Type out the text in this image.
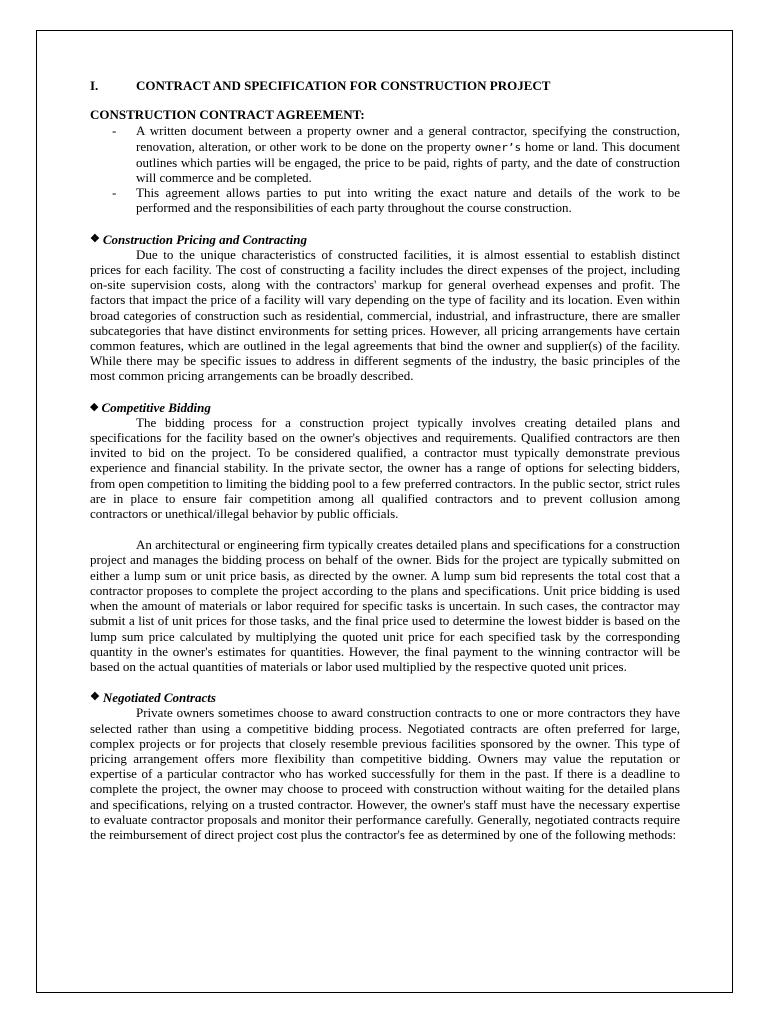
I.	CONTRACT AND SPECIFICATION FOR CONSTRUCTION PROJECT
CONSTRUCTION CONTRACT AGREEMENT:
-	A written document between a property owner and a general contractor, specifying the construction, renovation, alteration, or other work to be done on the property owner’s home or land. This document outlines which parties will be engaged, the price to be paid, rights of party, and the date of construction will commerce and be completed.
-	This agreement allows parties to put into writing the exact nature and details of the work to be performed and the responsibilities of each party throughout the course construction.
❖ Construction Pricing and Contracting

Due to the unique characteristics of constructed facilities, it is almost essential to establish distinct prices for each facility. The cost of constructing a facility includes the direct expenses of the project, including on-site supervision costs, along with the contractors' markup for general overhead expenses and profit. The factors that impact the price of a facility will vary depending on the type of facility and its location. Even within broad categories of construction such as residential, commercial, industrial, and infrastructure, there are smaller subcategories that have distinct environments for setting prices. However, all pricing arrangements have certain common features, which are outlined in the legal agreements that bind the owner and supplier(s) of the facility. While there may be specific issues to address in different segments of the industry, the basic principles of the most common pricing arrangements can be broadly described.

◆ Competitive Bidding

The bidding process for a construction project typically involves creating detailed plans and specifications for the facility based on the owner's objectives and requirements. Qualified contractors are then invited to bid on the project. To be considered qualified, a contractor must typically demonstrate previous experience and financial stability. In the private sector, the owner has a range of options for selecting bidders, from open competition to limiting the bidding pool to a few preferred contractors. In the public sector, strict rules are in place to ensure fair competition among all qualified contractors and to prevent collusion among contractors or unethical/illegal behavior by public officials.

An architectural or engineering firm typically creates detailed plans and specifications for a construction project and manages the bidding process on behalf of the owner. Bids for the project are typically submitted on either a lump sum or unit price basis, as directed by the owner. A lump sum bid represents the total cost that a contractor proposes to complete the project according to the plans and specifications. Unit price bidding is used when the amount of materials or labor required for specific tasks is uncertain. In such cases, the contractor may submit a list of unit prices for those tasks, and the final price used to determine the lowest bidder is based on the lump sum price calculated by multiplying the quoted unit price for each specified task by the corresponding quantity in the owner's estimates for quantities. However, the final payment to the winning contractor will be based on the actual quantities of materials or labor used multiplied by the respective quoted unit prices.

❖ Negotiated Contracts

Private owners sometimes choose to award construction contracts to one or more contractors they have selected rather than using a competitive bidding process. Negotiated contracts are often preferred for large, complex projects or for projects that closely resemble previous facilities sponsored by the owner. This type of pricing arrangement offers more flexibility than competitive bidding. Owners may value the reputation or expertise of a particular contractor who has worked successfully for them in the past. If there is a deadline to complete the project, the owner may choose to proceed with construction without waiting for the detailed plans and specifications, relying on a trusted contractor. However, the owner's staff must have the necessary expertise to evaluate contractor proposals and monitor their performance carefully. Generally, negotiated contracts require the reimbursement of direct project cost plus the contractor's fee as determined by one of the following methods:
